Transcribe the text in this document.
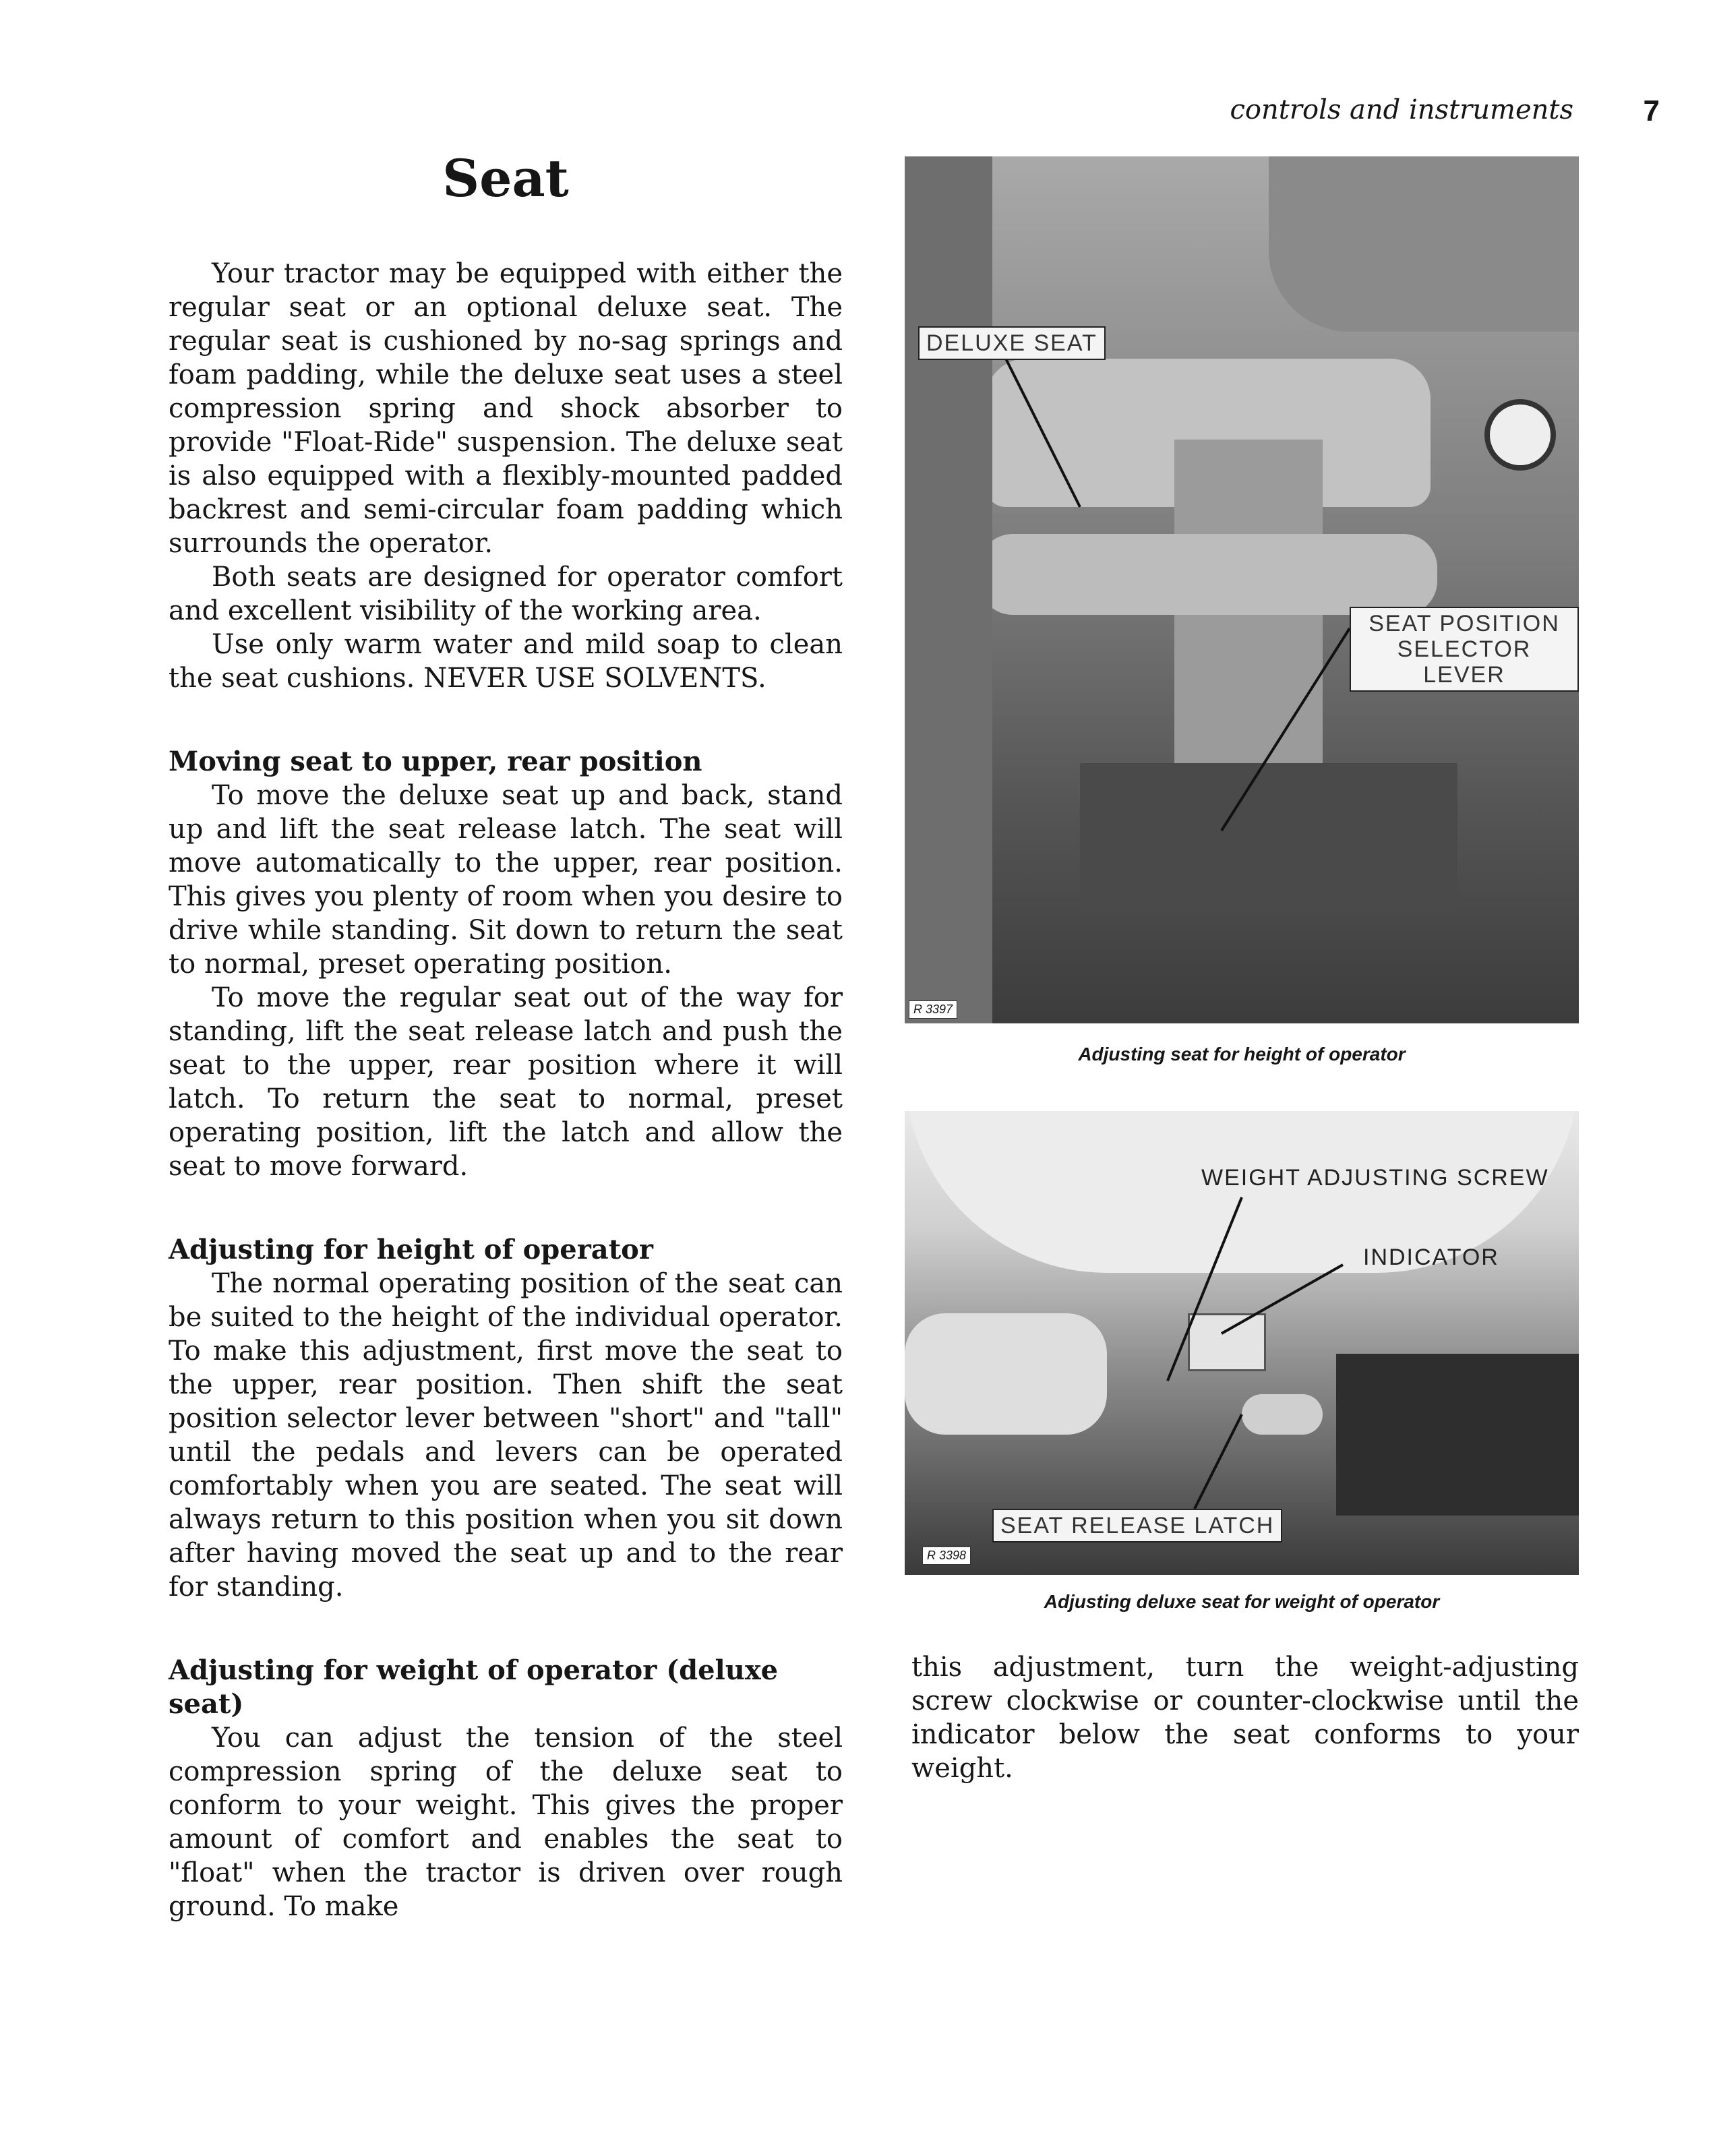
controls and instruments 7
Seat

Your tractor may be equipped with either the regular seat or an optional deluxe seat. The regular seat is cushioned by no-sag springs and foam padding, while the deluxe seat uses a steel compression spring and shock absorber to provide "Float-Ride" suspension. The deluxe seat is also equipped with a flexibly-mounted padded backrest and semi-circular foam padding which surrounds the operator.

Both seats are designed for operator comfort and excellent visibility of the working area.

Use only warm water and mild soap to clean the seat cushions. NEVER USE SOLVENTS.

Moving seat to upper, rear position

To move the deluxe seat up and back, stand up and lift the seat release latch. The seat will move automatically to the upper, rear position. This gives you plenty of room when you desire to drive while standing. Sit down to return the seat to normal, preset operating position.

To move the regular seat out of the way for standing, lift the seat release latch and push the seat to the upper, rear position where it will latch. To return the seat to normal, preset operating position, lift the latch and allow the seat to move forward.

Adjusting for height of operator

The normal operating position of the seat can be suited to the height of the individual operator. To make this adjustment, first move the seat to the upper, rear position. Then shift the seat position selector lever between "short" and "tall" until the pedals and levers can be operated comfortably when you are seated. The seat will always return to this position when you sit down after having moved the seat up and to the rear for standing.

Adjusting for weight of operator (deluxe seat)

You can adjust the tension of the steel compression spring of the deluxe seat to conform to your weight. This gives the proper amount of comfort and enables the seat to "float" when the tractor is driven over rough ground. To make

DELUXE SEAT
SEAT POSITION
SELECTOR LEVER
R 3397
Adjusting seat for height of operator
WEIGHT ADJUSTING SCREW
INDICATOR
SEAT RELEASE LATCH
R 3398
Adjusting deluxe seat for weight of operator

this adjustment, turn the weight-adjusting screw clockwise or counter-clockwise until the indicator below the seat conforms to your weight.
